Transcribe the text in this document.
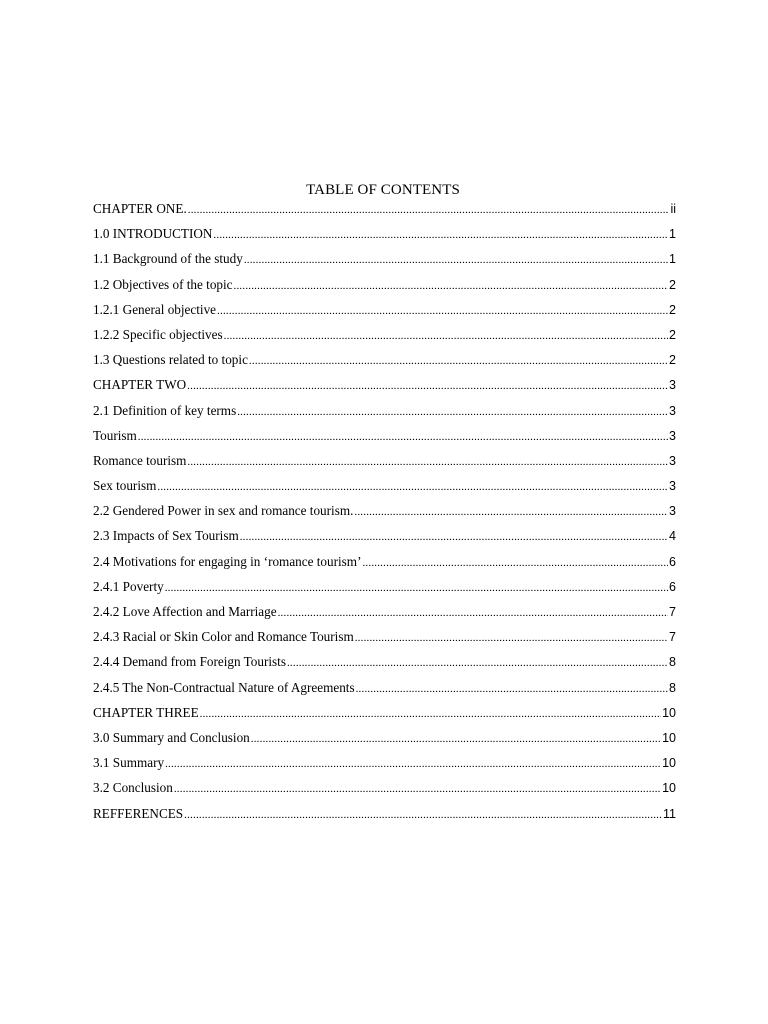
TABLE OF CONTENTS
CHAPTER ONE. .....	ii
1.0 INTRODUCTION .....	1
1.1 Background of the study .....	1
1.2 Objectives of the topic .....	2
1.2.1 General objective .....	2
1.2.2 Specific objectives .....	2
1.3 Questions related to topic .....	2
CHAPTER TWO .....	3
2.1 Definition of key terms .....	3
Tourism .....	3
Romance tourism .....	3
Sex tourism .....	3
2.2 Gendered Power in sex and romance tourism. .....	3
2.3 Impacts of Sex Tourism .....	4
2.4 Motivations for engaging in ‘romance tourism’ .....	6
2.4.1 Poverty .....	6
2.4.2 Love Affection and Marriage .....	7
2.4.3 Racial or Skin Color and Romance Tourism .....	7
2.4.4 Demand from Foreign Tourists .....	8
2.4.5 The Non-Contractual Nature of Agreements .....	8
CHAPTER THREE .....	10
3.0 Summary and Conclusion .....	10
3.1 Summary .....	10
3.2 Conclusion .....	10
REFFERENCES .....	11
